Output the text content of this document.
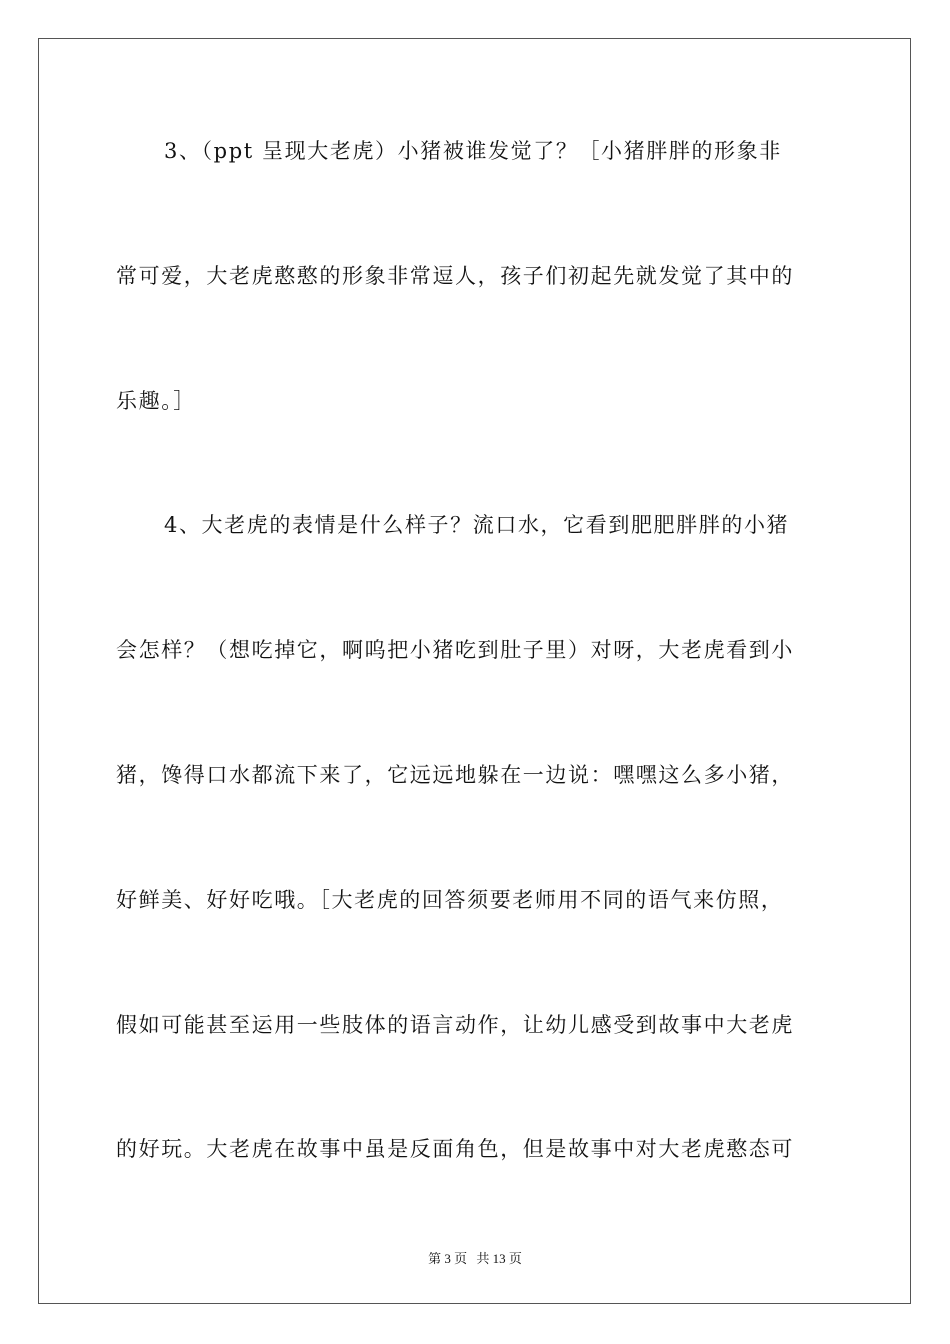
3、（ppt 呈现大老虎）小猪被谁发觉了？［小猪胖胖的形象非
常可爱，大老虎憨憨的形象非常逗人，孩子们初起先就发觉了其中的
乐趣。］
4、大老虎的表情是什么样子？流口水，它看到肥肥胖胖的小猪
会怎样？（想吃掉它，啊呜把小猪吃到肚子里）对呀，大老虎看到小
猪，馋得口水都流下来了，它远远地躲在一边说：嘿嘿这么多小猪，
好鲜美、好好吃哦。［大老虎的回答须要老师用不同的语气来仿照，
假如可能甚至运用一些肢体的语言动作，让幼儿感受到故事中大老虎
的好玩。大老虎在故事中虽是反面角色，但是故事中对大老虎憨态可
第 3 页 共 13 页
